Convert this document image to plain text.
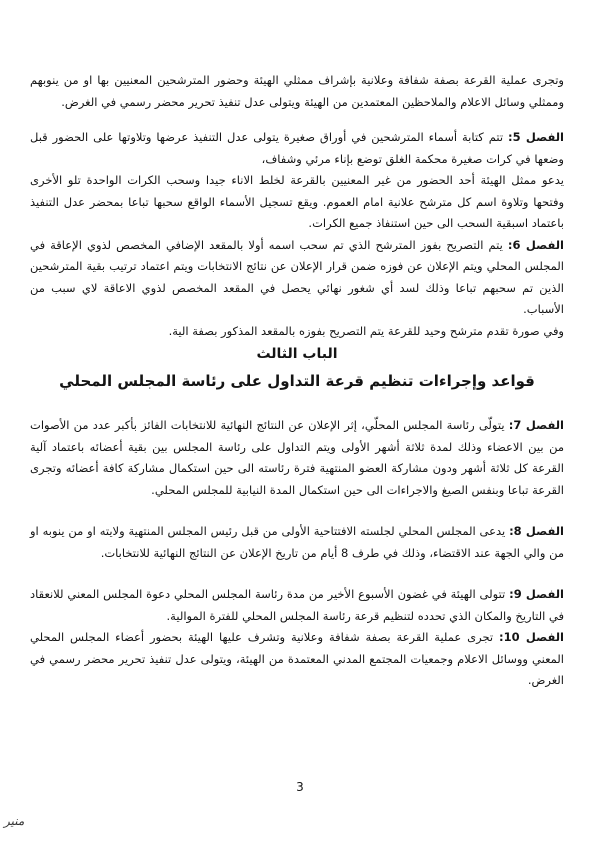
وتجرى عملية القرعة بصفة شفافة وعلانية بإشراف ممثلي الهيئة وحضور المترشحين المعنيين بها او من ينوبهم وممثلي وسائل الاعلام والملاحظين المعتمدين من الهيئة ويتولى عدل تنفيذ تحرير محضر رسمي في الغرض.

الفصل 5: تتم كتابة أسماء المترشحين في أوراق صغيرة يتولى عدل التنفيذ عرضها وتلاوتها على الحضور قبل وضعها في كرات صغيرة محكمة الغلق توضع بإناء مرئي وشفاف،

يدعو ممثل الهيئة أحد الحضور من غير المعنيين بالقرعة لخلط الاناء جيدا وسحب الكرات الواحدة تلو الأخرى وفتحها وتلاوة اسم كل مترشح علانية امام العموم. ويقع تسجيل الأسماء الواقع سحبها تباعا بمحضر عدل التنفيذ باعتماد اسبقية السحب الى حين استنفاذ جميع الكرات.

الفصل 6: يتم التصريح بفوز المترشح الذي تم سحب اسمه أولا بالمقعد الإضافي المخصص لذوي الإعاقة في المجلس المحلي ويتم الإعلان عن فوزه ضمن قرار الإعلان عن نتائج الانتخابات ويتم اعتماد ترتيب بقية المترشحين الذين تم سحبهم تباعا وذلك لسد أي شغور نهائي يحصل في المقعد المخصص لذوي الاعاقة لاي سبب من الأسباب.

وفي صورة تقدم مترشح وحيد للقرعة يتم التصريح بفوزه بالمقعد المذكور بصفة الية.

الباب الثالث
قواعد وإجراءات تنظيم قرعة التداول على رئاسة المجلس المحلي

الفصل 7: يتولّى رئاسة المجلس المحلّي، إثر الإعلان عن النتائج النهائية للانتخابات الفائز بأكبر عدد من الأصوات من بين الاعضاء وذلك لمدة ثلاثة أشهر الأولى ويتم التداول على رئاسة المجلس بين بقية أعضائه باعتماد آلية القرعة كل ثلاثة أشهر ودون مشاركة العضو المنتهية فترة رئاسته الى حين استكمال مشاركة كافة أعضائه وتجرى القرعة تباعا وبنفس الصيغ والاجراءات الى حين استكمال المدة النيابية للمجلس المحلي.

الفصل 8: يدعى المجلس المحلي لجلسته الافتتاحية الأولى من قبل رئيس المجلس المنتهية ولايته او من ينوبه او من والي الجهة عند الاقتضاء، وذلك في طرف 8 أيام من تاريخ الإعلان عن النتائج النهائية للانتخابات.

الفصل 9: تتولى الهيئة في غضون الأسبوع الأخير من مدة رئاسة المجلس المحلي دعوة المجلس المعني للانعقاد في التاريخ والمكان الذي تحدده لتنظيم قرعة رئاسة المجلس المحلي للفترة الموالية.

الفصل 10: تجرى عملية القرعة بصفة شفافة وعلانية وتشرف عليها الهيئة بحضور أعضاء المجلس المحلي المعني ووسائل الاعلام وجمعيات المجتمع المدني المعتمدة من الهيئة، ويتولى عدل تنفيذ تحرير محضر رسمي في الغرض.

3
ﻣﻨﻴﺮ
